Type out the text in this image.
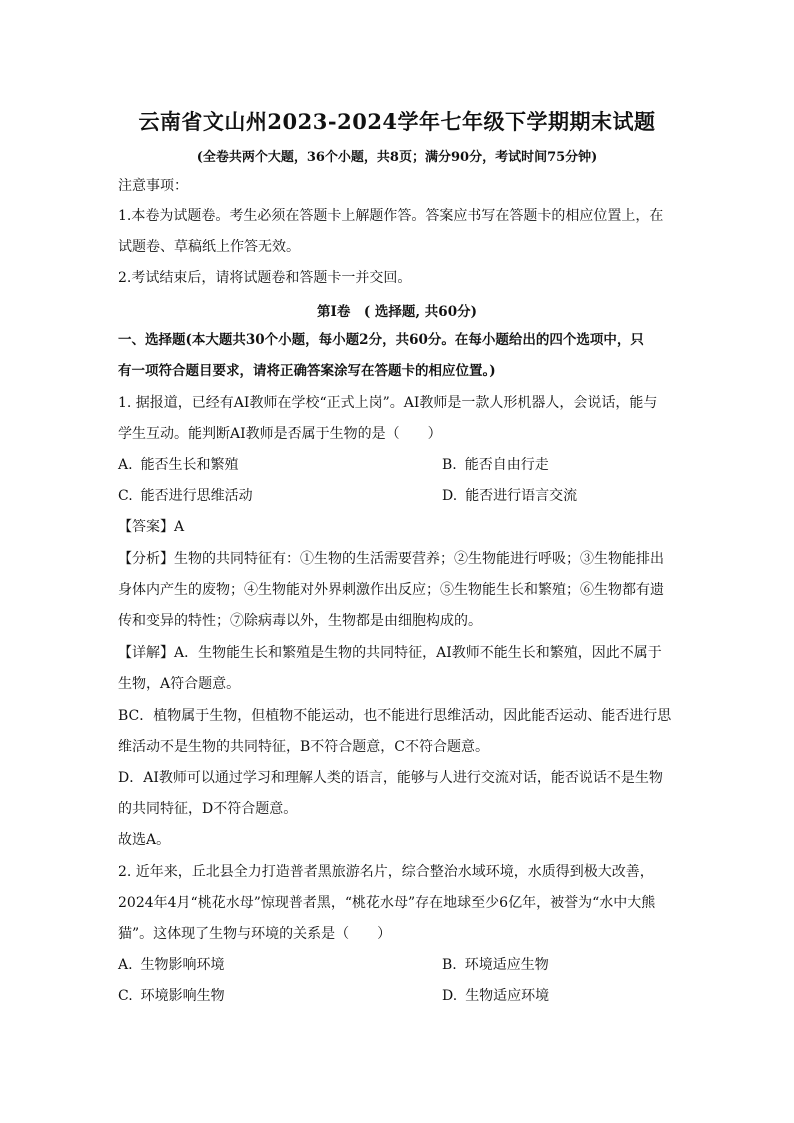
云南省文山州2023-2024学年七年级下学期期末试题
(全卷共两个大题，36个小题，共8页；满分90分，考试时间75分钟)
注意事项：
1.本卷为试题卷。考生必须在答题卡上解题作答。答案应书写在答题卡的相应位置上，在
试题卷、草稿纸上作答无效。
2.考试结束后，请将试题卷和答题卡一并交回。
第Ⅰ卷　( 选择题, 共60分)
一、选择题(本大题共30个小题，每小题2分，共60分。在每小题给出的四个选项中，只
有一项符合题目要求，请将正确答案涂写在答题卡的相应位置。)
1. 据报道，已经有AI教师在学校“正式上岗”。AI教师是一款人形机器人，会说话，能与
学生互动。能判断AI教师是否属于生物的是（　　）
A. 能否生长和繁殖	B. 能否自由行走
C. 能否进行思维活动	D. 能否进行语言交流
【答案】A
【分析】生物的共同特征有：①生物的生活需要营养；②生物能进行呼吸；③生物能排出
身体内产生的废物；④生物能对外界刺激作出反应；⑤生物能生长和繁殖；⑥生物都有遗
传和变异的特性；⑦除病毒以外，生物都是由细胞构成的。
【详解】A．生物能生长和繁殖是生物的共同特征，AI教师不能生长和繁殖，因此不属于
生物，A符合题意。
BC．植物属于生物，但植物不能运动，也不能进行思维活动，因此能否运动、能否进行思
维活动不是生物的共同特征，B不符合题意，C不符合题意。
D．AI教师可以通过学习和理解人类的语言，能够与人进行交流对话，能否说话不是生物
的共同特征，D不符合题意。
故选A。
2. 近年来，丘北县全力打造普者黑旅游名片，综合整治水域环境，水质得到极大改善，
2024年4月“桃花水母”惊现普者黑，“桃花水母”存在地球至少6亿年，被誉为“水中大熊
猫”。这体现了生物与环境的关系是（　　）
A. 生物影响环境	B. 环境适应生物
C. 环境影响生物	D. 生物适应环境
